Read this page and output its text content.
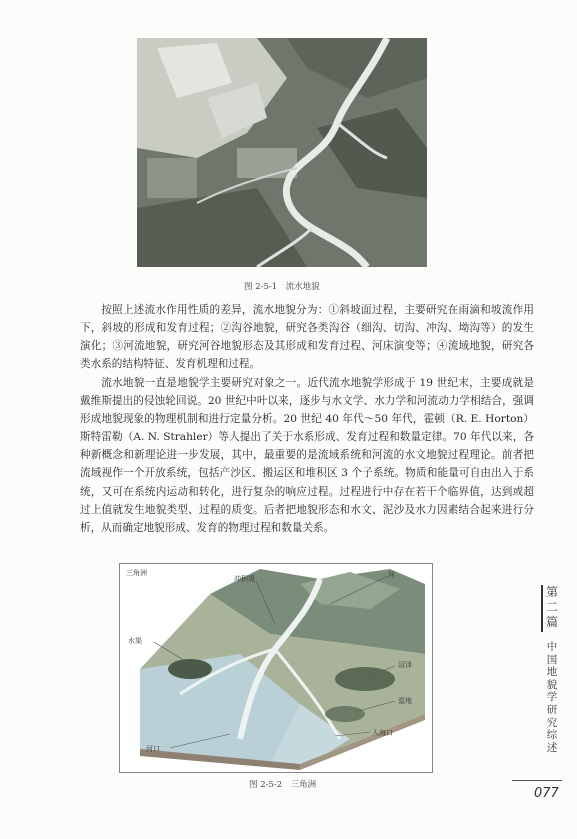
图 2-5-1　流水地貌

按照上述流水作用性质的差异，流水地貌分为：①斜坡面过程，主要研究在雨滴和坡流作用下，斜坡的形成和发育过程；②沟谷地貌，研究各类沟谷（细沟、切沟、冲沟、坳沟等）的发生演化；③河流地貌，研究河谷地貌形态及其形成和发育过程、河床演变等；④流域地貌，研究各类水系的结构特征、发育机理和过程。

流水地貌一直是地貌学主要研究对象之一。近代流水地貌学形成于 19 世纪末，主要成就是戴维斯提出的侵蚀轮回说。20 世纪中叶以来，逐步与水文学、水力学和河流动力学相结合，强调形成地貌现象的物理机制和进行定量分析。20 世纪 40 年代～50 年代，霍顿（R. E. Horton）斯特雷勒（A. N. Strahler）等人提出了关于水系形成、发育过程和数量定律。70 年代以来，各种新概念和新理论进一步发展，其中，最重要的是流域系统和河流的水文地貌过程理论。前者把流域视作一个开放系统，包括产沙区、搬运区和堆积区 3 个子系统。物质和能量可自由出入于系统，又可在系统内运动和转化，进行复杂的响应过程。过程进行中存在若干个临界值，达到或超过上值就发生地貌类型、过程的质变。后者把地貌形态和水文、泥沙及水力因素结合起来进行分析，从而确定地貌形成、发育的物理过程和数量关系。

三角洲
冲积堤	河
水渠
沼泽
湿地
入海口
河口
图 2-5-2　三角洲
第二篇
中国地貌学研究综述
077
